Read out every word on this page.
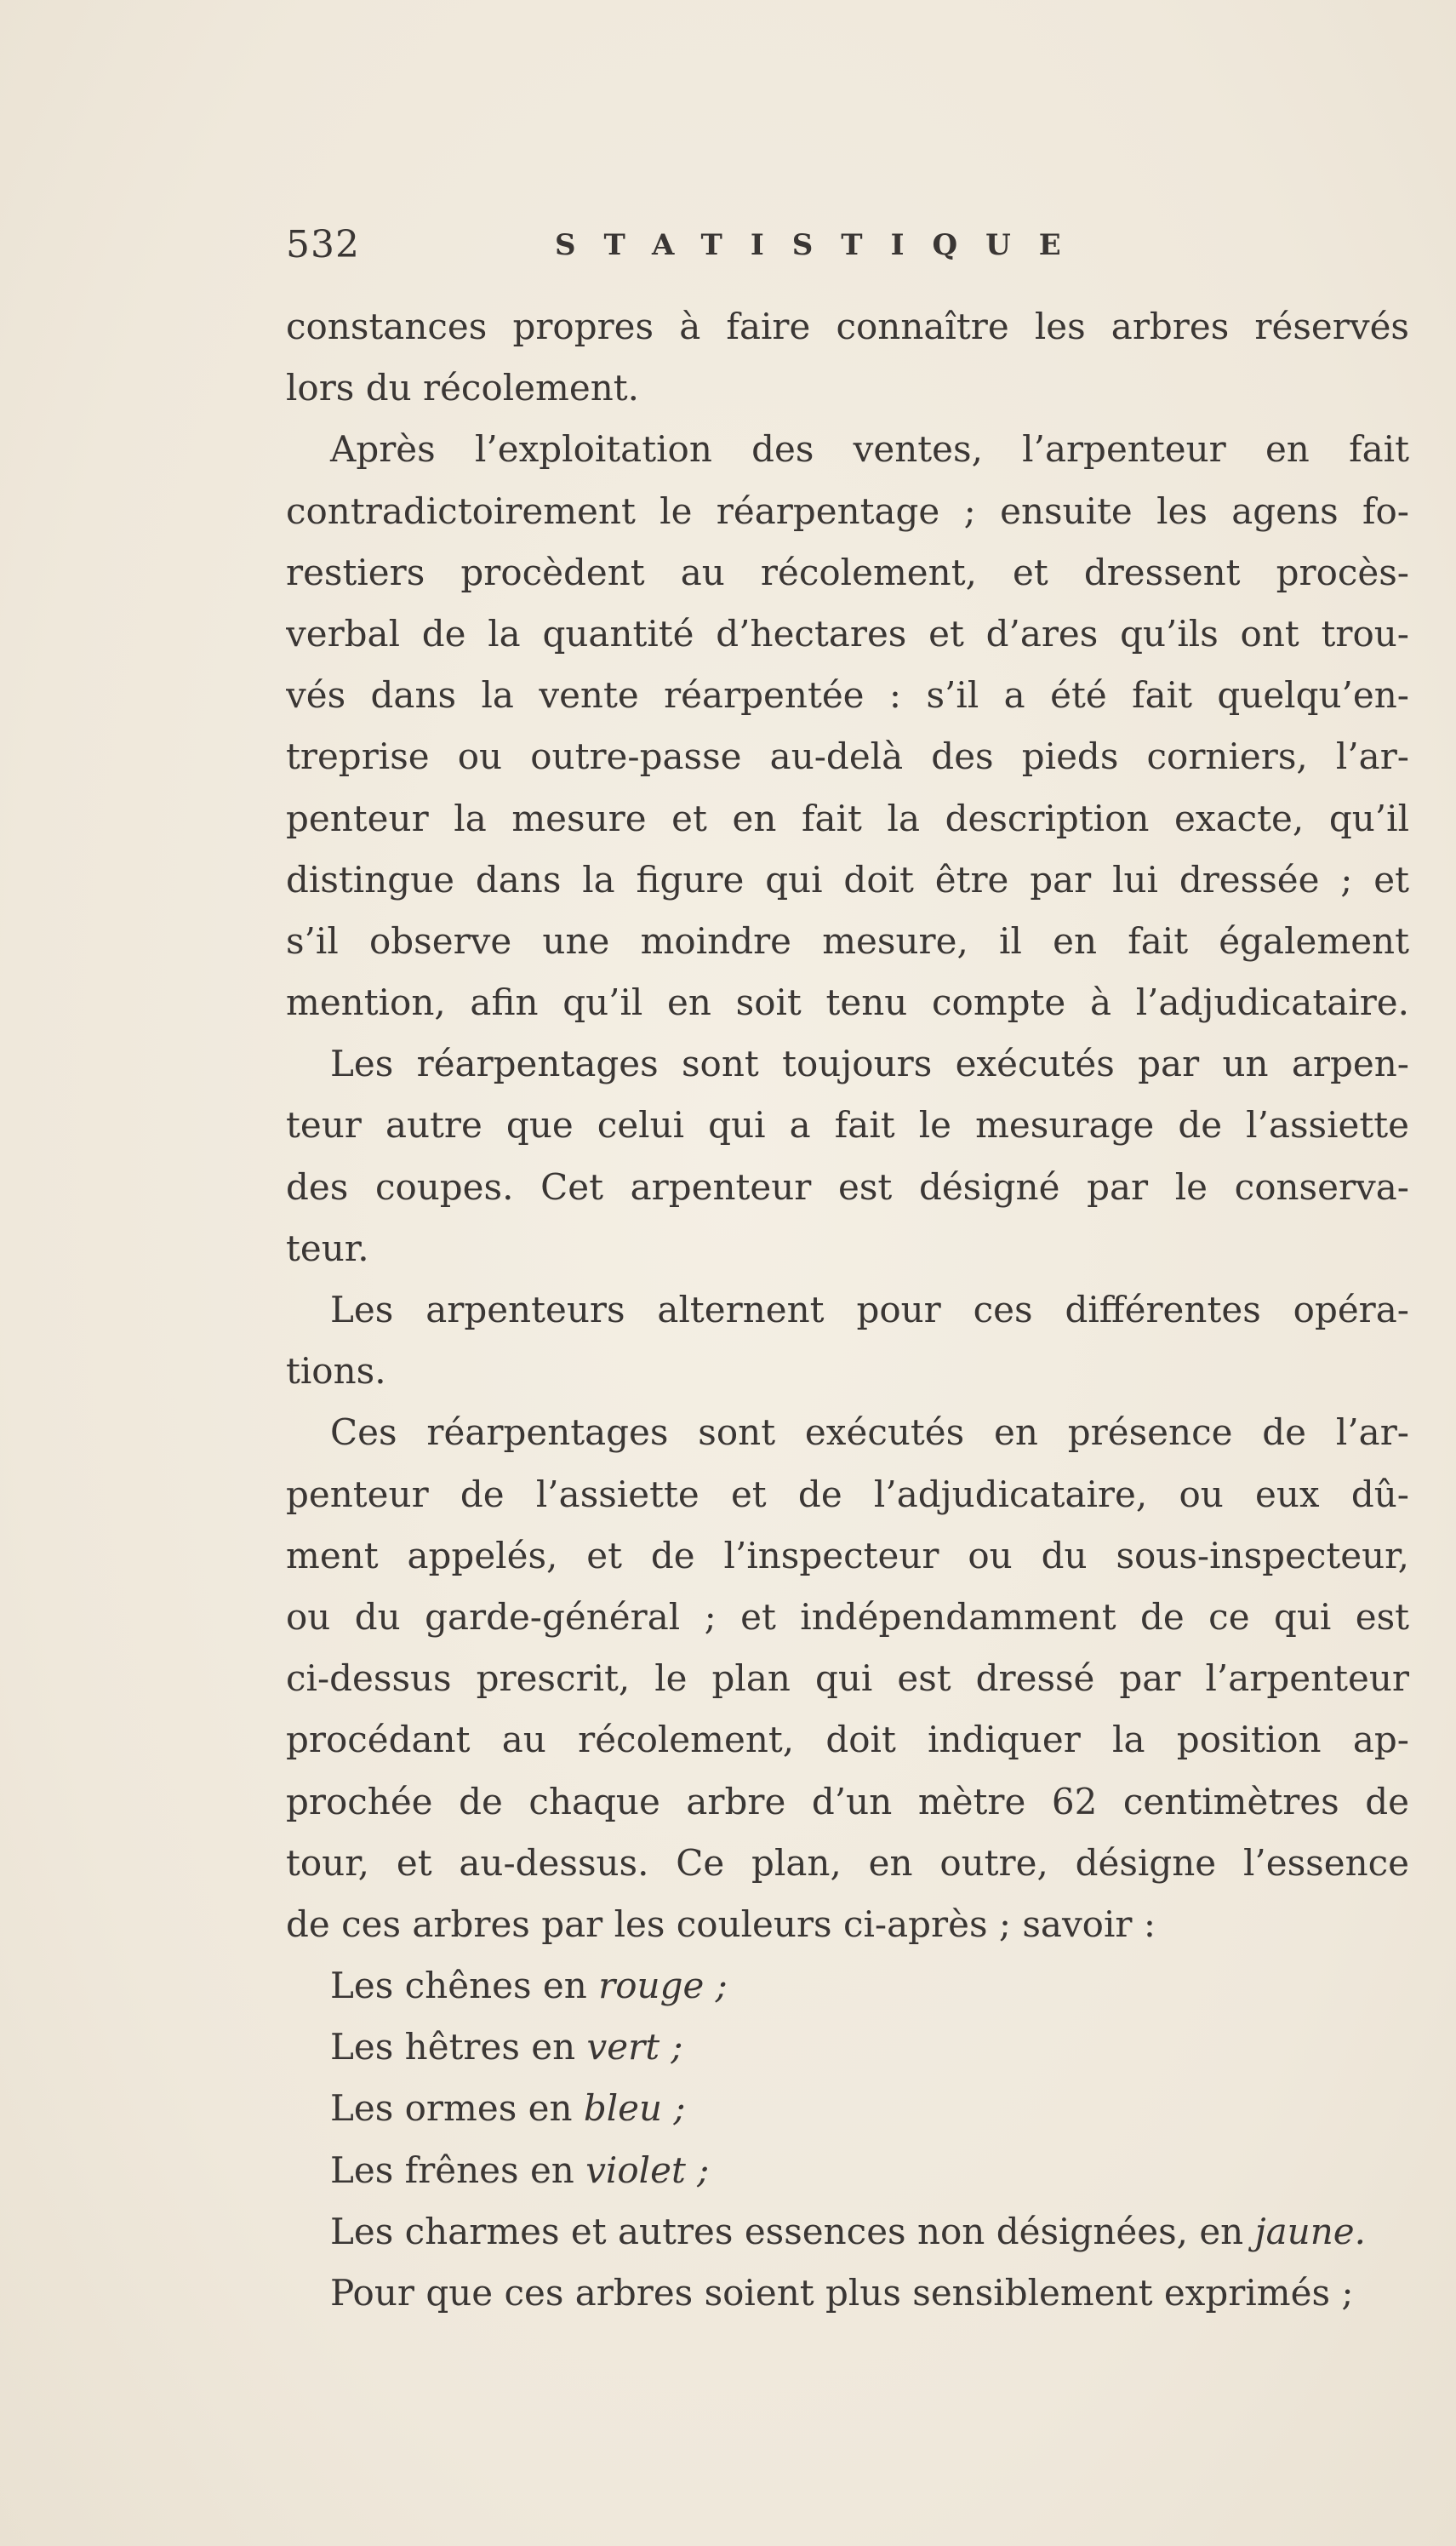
532	STATISTIQUE
constances propres à faire connaître les arbres réservés
lors du récolement.
Après l’exploitation des ventes, l’arpenteur en fait
contradictoirement le réarpentage ; ensuite les agens fo-
restiers procèdent au récolement, et dressent procès-
verbal de la quantité d’hectares et d’ares qu’ils ont trou-
vés dans la vente réarpentée : s’il a été fait quelqu’en-
treprise ou outre-passe au-delà des pieds corniers, l’ar-
penteur la mesure et en fait la description exacte, qu’il
distingue dans la figure qui doit être par lui dressée ; et
s’il observe une moindre mesure, il en fait également
mention, afin qu’il en soit tenu compte à l’adjudicataire.
Les réarpentages sont toujours exécutés par un arpen-
teur autre que celui qui a fait le mesurage de l’assiette
des coupes. Cet arpenteur est désigné par le conserva-
teur.
Les arpenteurs alternent pour ces différentes opéra-
tions.
Ces réarpentages sont exécutés en présence de l’ar-
penteur de l’assiette et de l’adjudicataire, ou eux dû-
ment appelés, et de l’inspecteur ou du sous-inspecteur,
ou du garde-général ; et indépendamment de ce qui est
ci-dessus prescrit, le plan qui est dressé par l’arpenteur
procédant au récolement, doit indiquer la position ap-
prochée de chaque arbre d’un mètre 62 centimètres de
tour, et au-dessus. Ce plan, en outre, désigne l’essence
de ces arbres par les couleurs ci-après ; savoir :
Les chênes en rouge ;
Les hêtres en vert ;
Les ormes en bleu ;
Les frênes en violet ;
Les charmes et autres essences non désignées, en jaune.
Pour que ces arbres soient plus sensiblement exprimés ;
